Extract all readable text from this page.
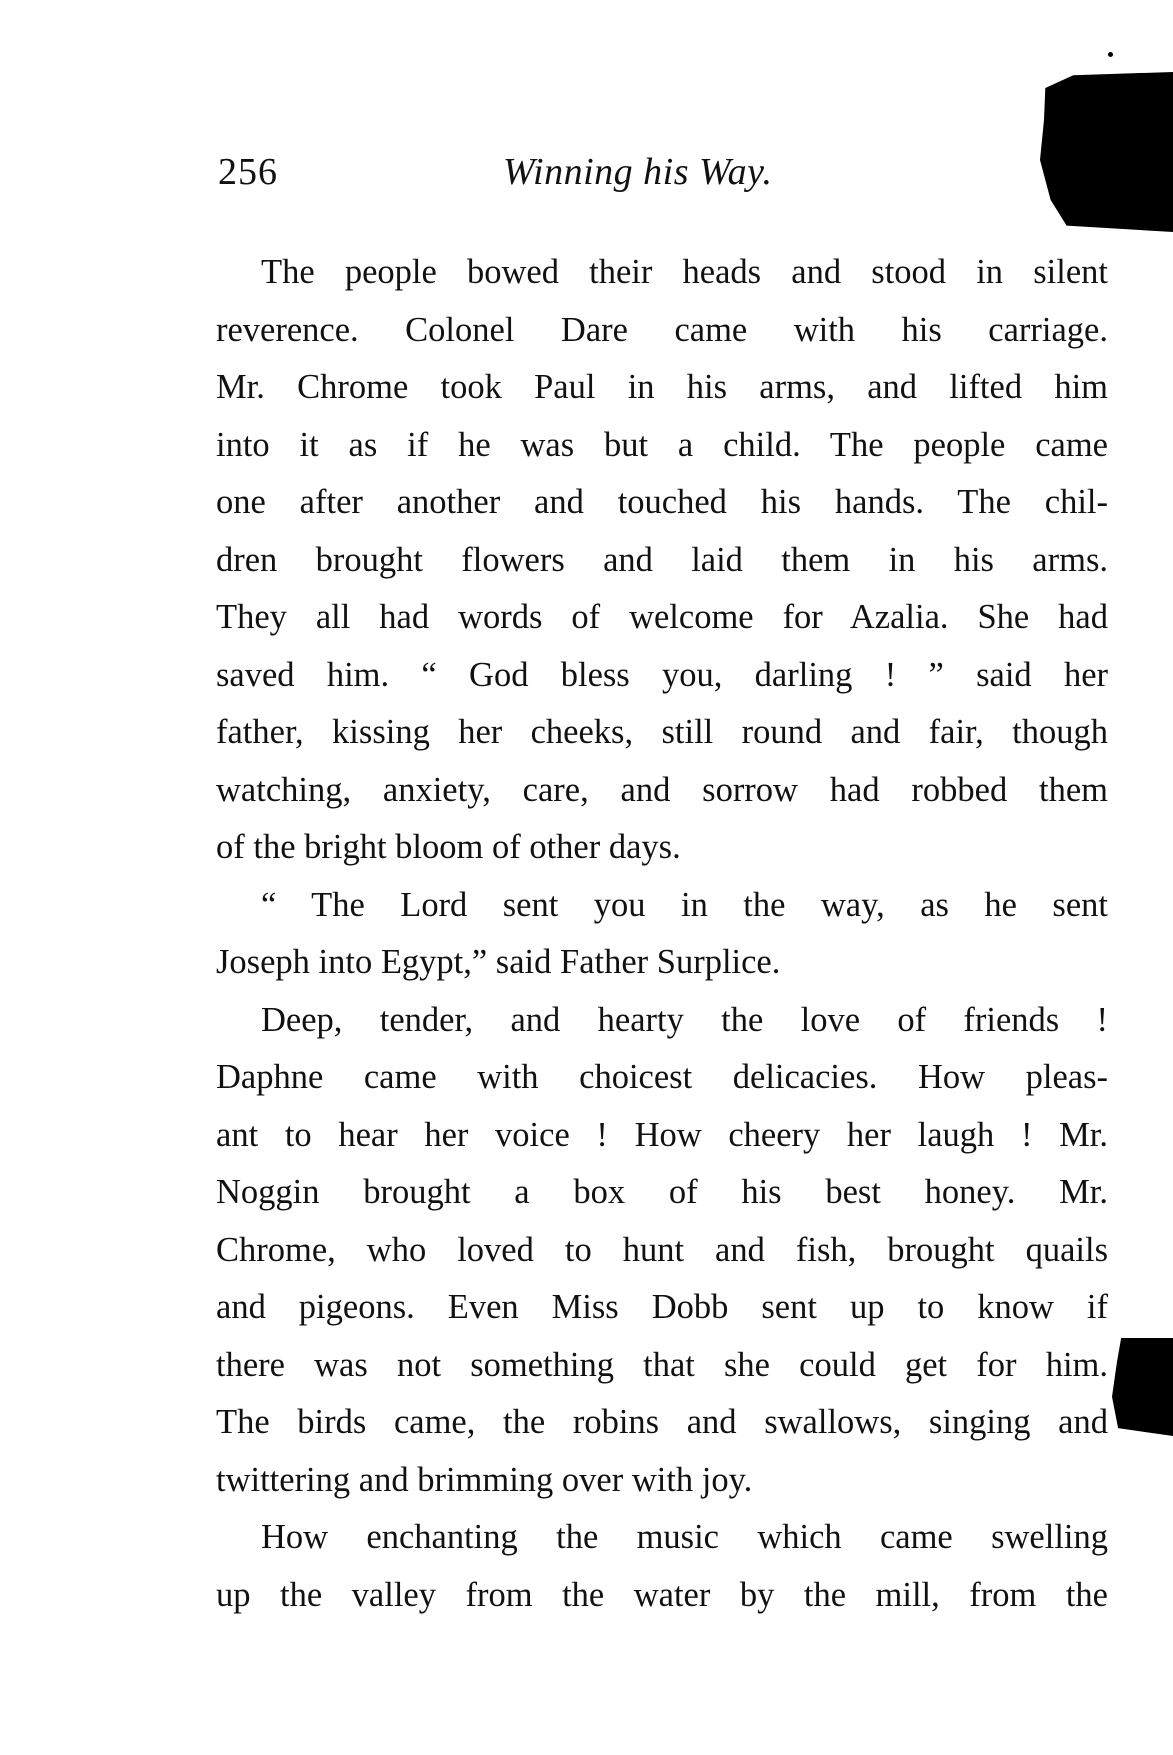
256	Winning his Way.
The people bowed their heads and stood in silent
reverence. Colonel Dare came with his carriage.
Mr. Chrome took Paul in his arms, and lifted him
into it as if he was but a child. The people came
one after another and touched his hands. The chil-
dren brought flowers and laid them in his arms.
They all had words of welcome for Azalia. She had
saved him. “ God bless you, darling ! ” said her
father, kissing her cheeks, still round and fair, though
watching, anxiety, care, and sorrow had robbed them
of the bright bloom of other days.
“ The Lord sent you in the way, as he sent
Joseph into Egypt,” said Father Surplice.
Deep, tender, and hearty the love of friends !
Daphne came with choicest delicacies. How pleas-
ant to hear her voice ! How cheery her laugh ! Mr.
Noggin brought a box of his best honey. Mr.
Chrome, who loved to hunt and fish, brought quails
and pigeons. Even Miss Dobb sent up to know if
there was not something that she could get for him.
The birds came, the robins and swallows, singing and
twittering and brimming over with joy.
How enchanting the music which came swelling
up the valley from the water by the mill, from the
